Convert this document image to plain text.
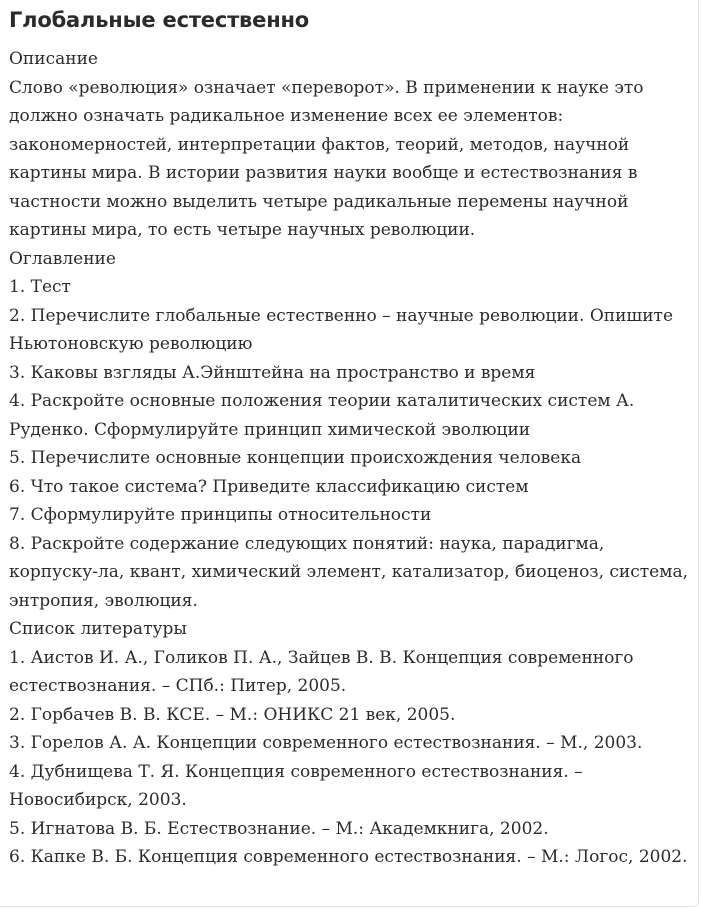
Глобальные естественно

Описание

Слово «революция» означает «переворот». В применении к науке это должно означать радикальное изменение всех ее элементов: закономерностей, интерпретации фактов, теорий, методов, научной картины мира. В истории развития науки вообще и естествознания в частности можно выделить четыре радикальные перемены научной картины мира, то есть четыре научных революции.

Оглавление

1. Тест

2. Перечислите глобальные естественно – научные революции. Опишите Ньютоновскую революцию

3. Каковы взгляды А.Эйнштейна на пространство и время

4. Раскройте основные положения теории каталитических систем А. Руденко. Сформулируйте принцип химической эволюции

5. Перечислите основные концепции происхождения человека

6. Что такое система? Приведите классификацию систем

7. Сформулируйте принципы относительности

8. Раскройте содержание следующих понятий: наука, парадигма, корпуску-ла, квант, химический элемент, катализатор, биоценоз, система, энтропия, эволюция.

Список литературы

1. Аистов И. А., Голиков П. А., Зайцев В. В. Концепция современного естествознания. – СПб.: Питер, 2005.

2. Горбачев В. В. КСЕ. – М.: ОНИКС 21 век, 2005.

3. Горелов А. А. Концепции современного естествознания. – М., 2003.

4. Дубнищева Т. Я. Концепция современного естествознания. – Новосибирск, 2003.

5. Игнатова В. Б. Естествознание. – М.: Академкнига, 2002.

6. Капке В. Б. Концепция современного естествознания. – М.: Логос, 2002.
